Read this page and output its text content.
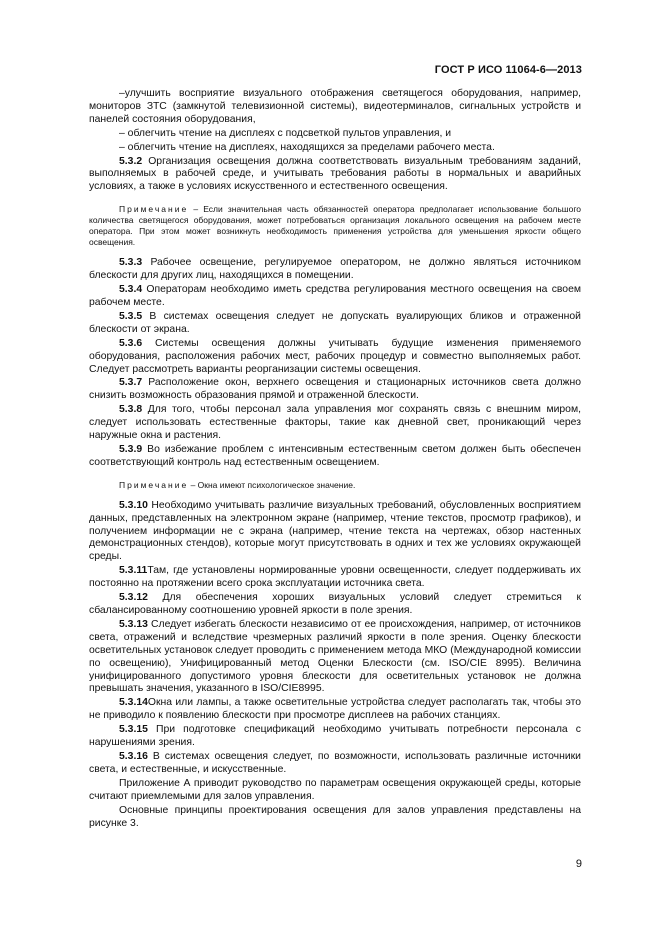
ГОСТ Р ИСО 11064-6—2013

–улучшить восприятие визуального отображения светящегося оборудования, например, мониторов ЗТС (замкнутой телевизионной системы), видеотерминалов, сигнальных устройств и панелей состояния оборудования,

– облегчить чтение на дисплеях с подсветкой пультов управления, и

– облегчить чтение на дисплеях, находящихся за пределами рабочего места.

5.3.2 Организация освещения должна соответствовать визуальным требованиям заданий, выполняемых в рабочей среде, и учитывать требования работы в нормальных и аварийных условиях, а также в условиях искусственного и естественного освещения.

Примечание – Если значительная часть обязанностей оператора предполагает использование большого количества светящегося оборудования, может потребоваться организация локального освещения на рабочем месте оператора. При этом может возникнуть необходимость применения устройства для уменьшения яркости общего освещения.

5.3.3 Рабочее освещение, регулируемое оператором, не должно являться источником блескости для других лиц, находящихся в помещении.

5.3.4 Операторам необходимо иметь средства регулирования местного освещения на своем рабочем месте.

5.3.5 В системах освещения следует не допускать вуалирующих бликов и отраженной блескости от экрана.

5.3.6 Системы освещения должны учитывать будущие изменения применяемого оборудования, расположения рабочих мест, рабочих процедур и совместно выполняемых работ. Следует рассмотреть варианты реорганизации системы освещения.

5.3.7 Расположение окон, верхнего освещения и стационарных источников света должно снизить возможность образования прямой и отраженной блескости.

5.3.8 Для того, чтобы персонал зала управления мог сохранять связь с внешним миром, следует использовать естественные факторы, такие как дневной свет, проникающий через наружные окна и растения.

5.3.9 Во избежание проблем с интенсивным естественным светом должен быть обеспечен соответствующий контроль над естественным освещением.

Примечание – Окна имеют психологическое значение.

5.3.10 Необходимо учитывать различие визуальных требований, обусловленных восприятием данных, представленных на электронном экране (например, чтение текстов, просмотр графиков), и получением информации не с экрана (например, чтение текста на чертежах, обзор настенных демонстрационных стендов), которые могут присутствовать в одних и тех же условиях окружающей среды.

5.3.11Там, где установлены нормированные уровни освещенности, следует поддерживать их постоянно на протяжении всего срока эксплуатации источника света.

5.3.12 Для обеспечения хороших визуальных условий следует стремиться к сбалансированному соотношению уровней яркости в поле зрения.

5.3.13 Следует избегать блескости независимо от ее происхождения, например, от источников света, отражений и вследствие чрезмерных различий яркости в поле зрения. Оценку блескости осветительных установок следует проводить с применением метода МКО (Международной комиссии по освещению), Унифицированный метод Оценки Блескости (см. ISO/CIE 8995). Величина унифицированного допустимого уровня блескости для осветительных установок не должна превышать значения, указанного в ISO/CIE8995.

5.3.14Окна или лампы, а также осветительные устройства следует располагать так, чтобы это не приводило к появлению блескости при просмотре дисплеев на рабочих станциях.

5.3.15 При подготовке спецификаций необходимо учитывать потребности персонала с нарушениями зрения.

5.3.16 В системах освещения следует, по возможности, использовать различные источники света, и естественные, и искусственные.

Приложение А приводит руководство по параметрам освещения окружающей среды, которые считают приемлемыми для залов управления.

Основные принципы проектирования освещения для залов управления представлены на рисунке 3.

9
